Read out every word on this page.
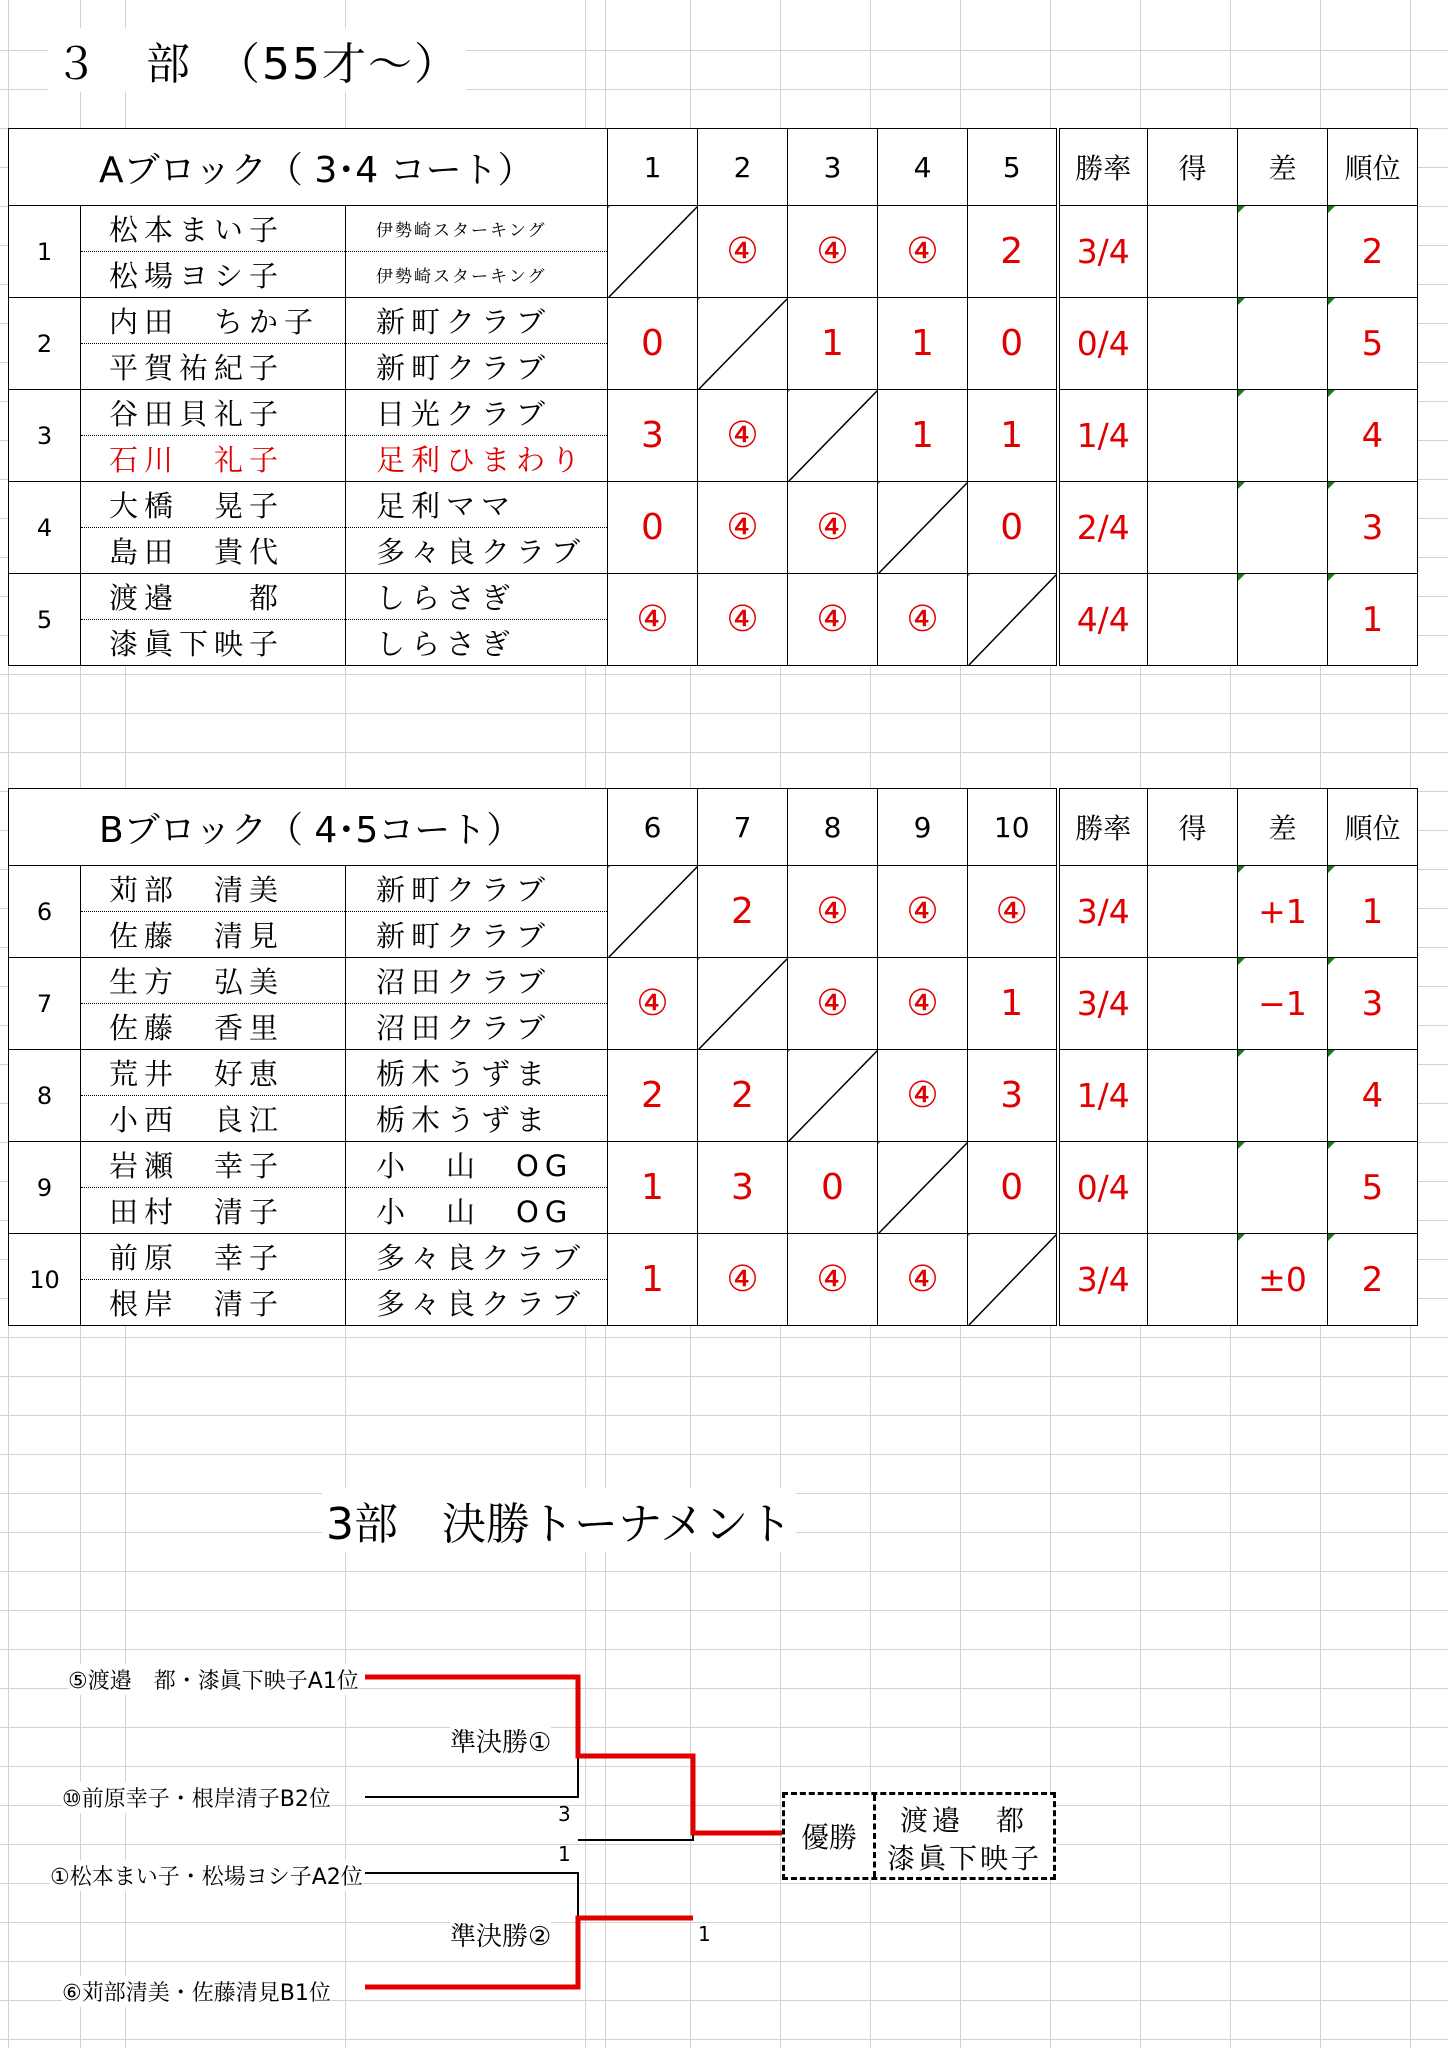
３　部　（55才〜）
Aブロック（ 3･4 コート）			1	2	3	4	5	勝率	得	差	順位
1	松本まい子	伊勢崎スターキング		④	④	④	2	3/4			2
	松場ヨシ子	伊勢崎スターキング									
2	内田　ちか子	新町クラブ	0		1	1	0	0/4			5
	平賀祐紀子	新町クラブ									
3	谷田貝礼子	日光クラブ	3	④		1	1	1/4			4
	石川　礼子	足利ひまわり									
4	大橋　晃子	足利ママ	0	④	④		0	2/4			3
	島田　貴代	多々良クラブ									
5	渡邉　　都	しらさぎ	④	④	④	④		4/4			1
	漆眞下映子	しらさぎ									
Bブロック（ 4･5コート）			6	7	8	9	10	勝率	得	差	順位
6	苅部　清美	新町クラブ		2	④	④	④	3/4		+1	1
	佐藤　清見	新町クラブ									
7	生方　弘美	沼田クラブ	④		④	④	1	3/4		−1	3
	佐藤　香里	沼田クラブ									
8	荒井　好恵	栃木うずま	2	2		④	3	1/4			4
	小西　良江	栃木うずま									
9	岩瀬　幸子	小　山　OG	1	3	0		0	0/4			5
	田村　清子	小　山　OG									
10	前原　幸子	多々良クラブ	1	④	④	④		3/4		±0	2
	根岸　清子	多々良クラブ									
3部　決勝トーナメント
⑤渡邉　都・漆眞下映子A1位
⑩前原幸子・根岸清子B2位
①松本まい子・松場ヨシ子A2位
⑥苅部清美・佐藤清見B1位
準決勝①
準決勝②
3
1
1
優勝
渡邉　都
漆眞下映子
